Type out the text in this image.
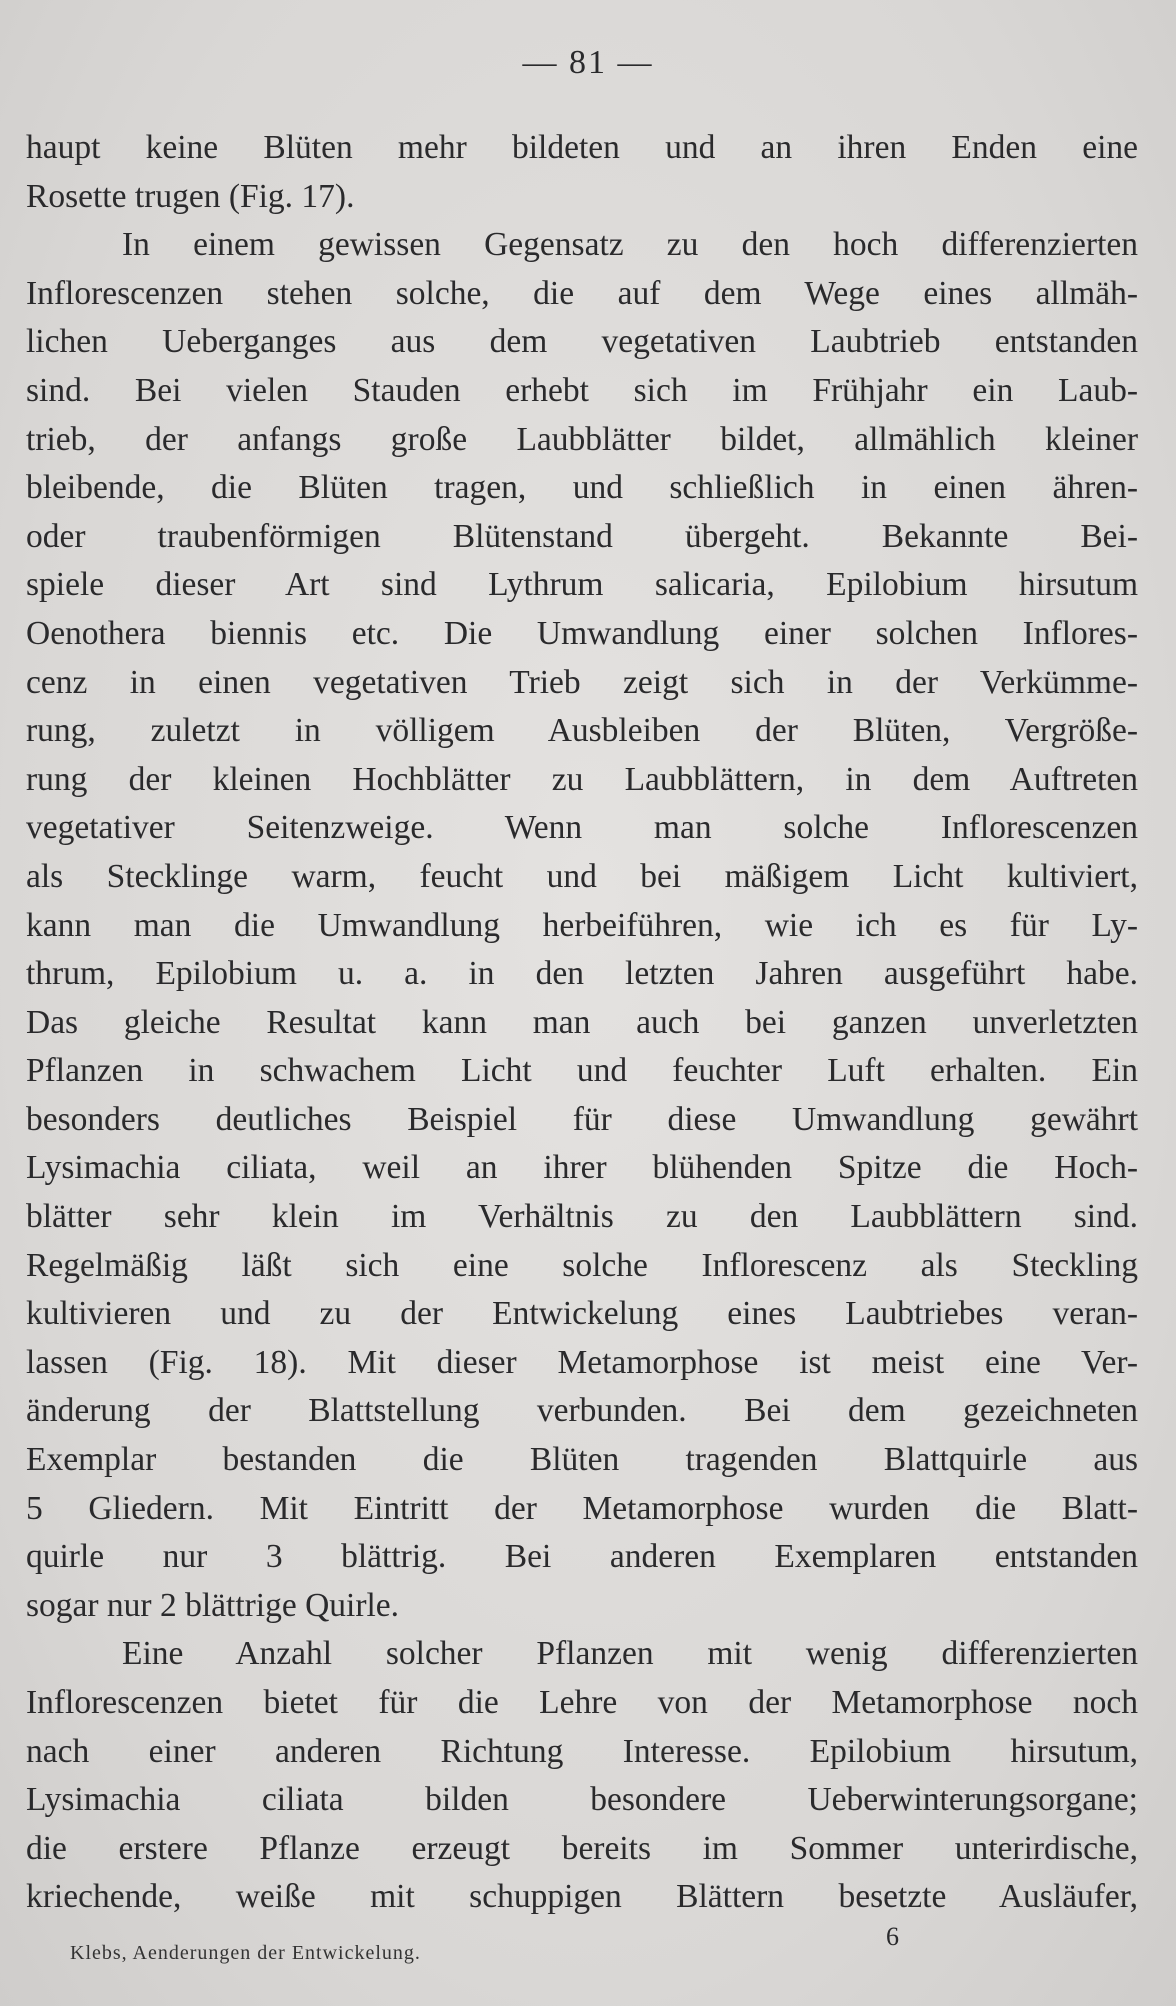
— 81 —
haupt keine Blüten mehr bildeten und an ihren Enden eine
Rosette trugen (Fig. 17).
In einem gewissen Gegensatz zu den hoch differenzierten
Inflorescenzen stehen solche, die auf dem Wege eines allmäh-
lichen Ueberganges aus dem vegetativen Laubtrieb entstanden
sind. Bei vielen Stauden erhebt sich im Frühjahr ein Laub-
trieb, der anfangs große Laubblätter bildet, allmählich kleiner
bleibende, die Blüten tragen, und schließlich in einen ähren-
oder traubenförmigen Blütenstand übergeht. Bekannte Bei-
spiele dieser Art sind Lythrum salicaria, Epilobium hirsutum
Oenothera biennis etc. Die Umwandlung einer solchen Inflores-
cenz in einen vegetativen Trieb zeigt sich in der Verkümme-
rung, zuletzt in völligem Ausbleiben der Blüten, Vergröße-
rung der kleinen Hochblätter zu Laubblättern, in dem Auftreten
vegetativer Seitenzweige. Wenn man solche Inflorescenzen
als Stecklinge warm, feucht und bei mäßigem Licht kultiviert,
kann man die Umwandlung herbeiführen, wie ich es für Ly-
thrum, Epilobium u. a. in den letzten Jahren ausgeführt habe.
Das gleiche Resultat kann man auch bei ganzen unverletzten
Pflanzen in schwachem Licht und feuchter Luft erhalten. Ein
besonders deutliches Beispiel für diese Umwandlung gewährt
Lysimachia ciliata, weil an ihrer blühenden Spitze die Hoch-
blätter sehr klein im Verhältnis zu den Laubblättern sind.
Regelmäßig läßt sich eine solche Inflorescenz als Steckling
kultivieren und zu der Entwickelung eines Laubtriebes veran-
lassen (Fig. 18). Mit dieser Metamorphose ist meist eine Ver-
änderung der Blattstellung verbunden. Bei dem gezeichneten
Exemplar bestanden die Blüten tragenden Blattquirle aus
5 Gliedern. Mit Eintritt der Metamorphose wurden die Blatt-
quirle nur 3 blättrig. Bei anderen Exemplaren entstanden
sogar nur 2 blättrige Quirle.
Eine Anzahl solcher Pflanzen mit wenig differenzierten
Inflorescenzen bietet für die Lehre von der Metamorphose noch
nach einer anderen Richtung Interesse. Epilobium hirsutum,
Lysimachia ciliata bilden besondere Ueberwinterungsorgane;
die erstere Pflanze erzeugt bereits im Sommer unterirdische,
kriechende, weiße mit schuppigen Blättern besetzte Ausläufer,
Klebs, Aenderungen der Entwickelung.
6
